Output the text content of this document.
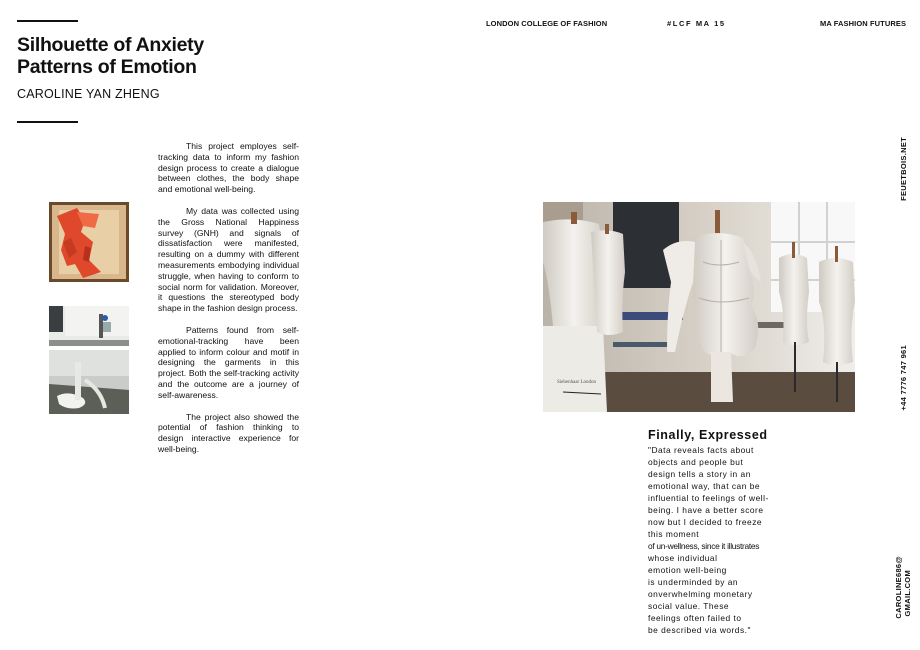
LONDON COLLEGE OF FASHION	#LCF MA 15	MA FASHION FUTURES
Silhouette of Anxiety
Patterns of Emotion
CAROLINE YAN ZHENG

This project employes self-tracking data to inform my fashion design process to create a dialogue between clothes, the body shape and emotional well-being.

My data was collected using the Gross National Happiness survey (GNH) and signals of dissatisfaction were manifested, resulting on a dummy with different measurements embodying individual struggle, when having to conform to social norm for validation. Moreover, it questions the stereotyped body shape in the fashion design process.

Patterns found from self-emotional-tracking have been applied to inform colour and motif in designing the garments in this project. Both the self-tracking activity and the outcome are a journey of self-awareness.

The project also showed the potential of fashion thinking to design interactive experience for well-being.

Siebenhaar London
FEUETBOIS.NET
+44 7776 747 961
CAROLINE686@ GMAIL.COM
Finally, Expressed
"Data reveals facts about
objects and people but
design tells a story in an
emotional way, that can be
influential to feelings of well-
being. I have a better score
now but I decided to freeze
this moment
of un-wellness, since it illustrates
whose individual
emotion well-being
is underminded by an
onverwhelming monetary
social value. These
feelings often failed to
be described via words."
